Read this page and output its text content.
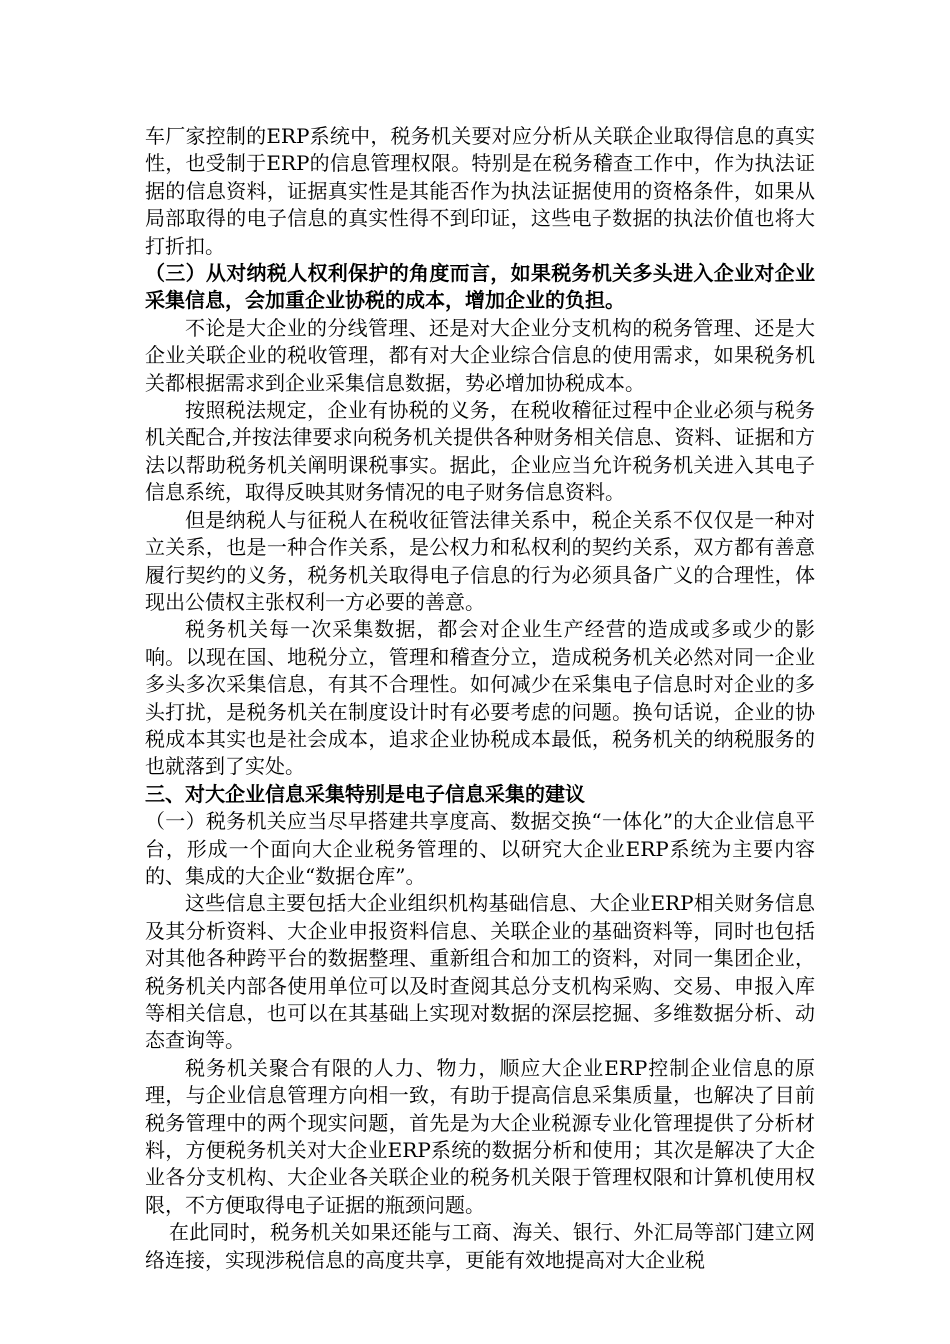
车厂家控制的ERP系统中，税务机关要对应分析从关联企业取得信息的真实性，也受制于ERP的信息管理权限。特别是在税务稽查工作中，作为执法证据的信息资料，证据真实性是其能否作为执法证据使用的资格条件，如果从局部取得的电子信息的真实性得不到印证，这些电子数据的执法价值也将大打折扣。

（三）从对纳税人权利保护的角度而言，如果税务机关多头进入企业对企业采集信息，会加重企业协税的成本，增加企业的负担。

不论是大企业的分线管理、还是对大企业分支机构的税务管理、还是大企业关联企业的税收管理，都有对大企业综合信息的使用需求，如果税务机关都根据需求到企业采集信息数据，势必增加协税成本。

按照税法规定，企业有协税的义务，在税收稽征过程中企业必须与税务机关配合,并按法律要求向税务机关提供各种财务相关信息、资料、证据和方法以帮助税务机关阐明课税事实。据此，企业应当允许税务机关进入其电子信息系统，取得反映其财务情况的电子财务信息资料。

但是纳税人与征税人在税收征管法律关系中，税企关系不仅仅是一种对立关系，也是一种合作关系，是公权力和私权利的契约关系，双方都有善意履行契约的义务，税务机关取得电子信息的行为必须具备广义的合理性，体现出公债权主张权利一方必要的善意。

税务机关每一次采集数据，都会对企业生产经营的造成或多或少的影响。以现在国、地税分立，管理和稽查分立，造成税务机关必然对同一企业多头多次采集信息，有其不合理性。如何减少在采集电子信息时对企业的多头打扰，是税务机关在制度设计时有必要考虑的问题。换句话说，企业的协税成本其实也是社会成本，追求企业协税成本最低，税务机关的纳税服务的也就落到了实处。

三、对大企业信息采集特别是电子信息采集的建议

（一）税务机关应当尽早搭建共享度高、数据交换“一体化”的大企业信息平台，形成一个面向大企业税务管理的、以研究大企业ERP系统为主要内容的、集成的大企业“数据仓库”。

这些信息主要包括大企业组织机构基础信息、大企业ERP相关财务信息及其分析资料、大企业申报资料信息、关联企业的基础资料等，同时也包括对其他各种跨平台的数据整理、重新组合和加工的资料，对同一集团企业，税务机关内部各使用单位可以及时查阅其总分支机构采购、交易、申报入库等相关信息，也可以在其基础上实现对数据的深层挖掘、多维数据分析、动态查询等。

税务机关聚合有限的人力、物力，顺应大企业ERP控制企业信息的原理，与企业信息管理方向相一致，有助于提高信息采集质量，也解决了目前税务管理中的两个现实问题，首先是为大企业税源专业化管理提供了分析材料，方便税务机关对大企业ERP系统的数据分析和使用；其次是解决了大企业各分支机构、大企业各关联企业的税务机关限于管理权限和计算机使用权限，不方便取得电子证据的瓶颈问题。

在此同时，税务机关如果还能与工商、海关、银行、外汇局等部门建立网络连接，实现涉税信息的高度共享，更能有效地提高对大企业税
